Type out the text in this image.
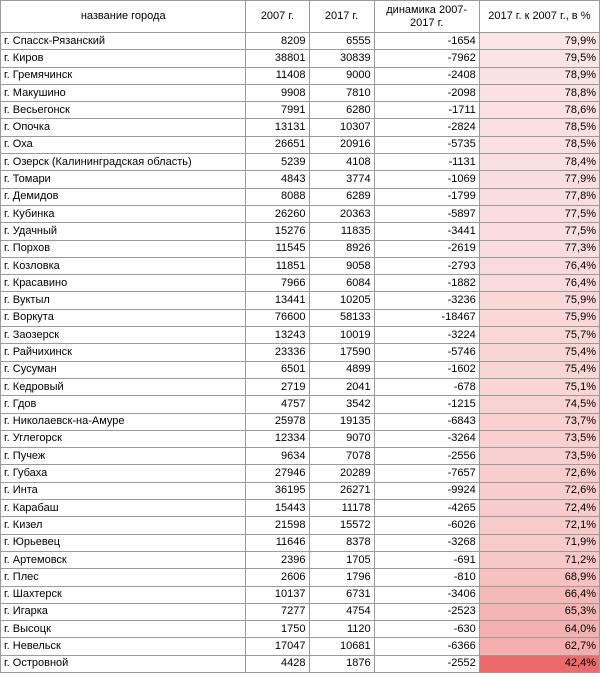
название города	2007 г.	2017 г.	динамика 2007-2017 г.	2017 г. к 2007 г., в %
г. Спасск-Рязанский	8209	6555	-1654	79,9%
г. Киров	38801	30839	-7962	79,5%
г. Гремячинск	11408	9000	-2408	78,9%
г. Макушино	9908	7810	-2098	78,8%
г. Весьегонск	7991	6280	-1711	78,6%
г. Опочка	13131	10307	-2824	78,5%
г. Оха	26651	20916	-5735	78,5%
г. Озерск (Калининградская область)	5239	4108	-1131	78,4%
г. Томари	4843	3774	-1069	77,9%
г. Демидов	8088	6289	-1799	77,8%
г. Кубинка	26260	20363	-5897	77,5%
г. Удачный	15276	11835	-3441	77,5%
г. Порхов	11545	8926	-2619	77,3%
г. Козловка	11851	9058	-2793	76,4%
г. Красавино	7966	6084	-1882	76,4%
г. Вуктыл	13441	10205	-3236	75,9%
г. Воркута	76600	58133	-18467	75,9%
г. Заозерск	13243	10019	-3224	75,7%
г. Райчихинск	23336	17590	-5746	75,4%
г. Сусуман	6501	4899	-1602	75,4%
г. Кедровый	2719	2041	-678	75,1%
г. Гдов	4757	3542	-1215	74,5%
г. Николаевск-на-Амуре	25978	19135	-6843	73,7%
г. Углегорск	12334	9070	-3264	73,5%
г. Пучеж	9634	7078	-2556	73,5%
г. Губаха	27946	20289	-7657	72,6%
г. Инта	36195	26271	-9924	72,6%
г. Карабаш	15443	11178	-4265	72,4%
г. Кизел	21598	15572	-6026	72,1%
г. Юрьевец	11646	8378	-3268	71,9%
г. Артемовск	2396	1705	-691	71,2%
г. Плес	2606	1796	-810	68,9%
г. Шахтерск	10137	6731	-3406	66,4%
г. Игарка	7277	4754	-2523	65,3%
г. Высоцк	1750	1120	-630	64,0%
г. Невельск	17047	10681	-6366	62,7%
г. Островной	4428	1876	-2552	42,4%
